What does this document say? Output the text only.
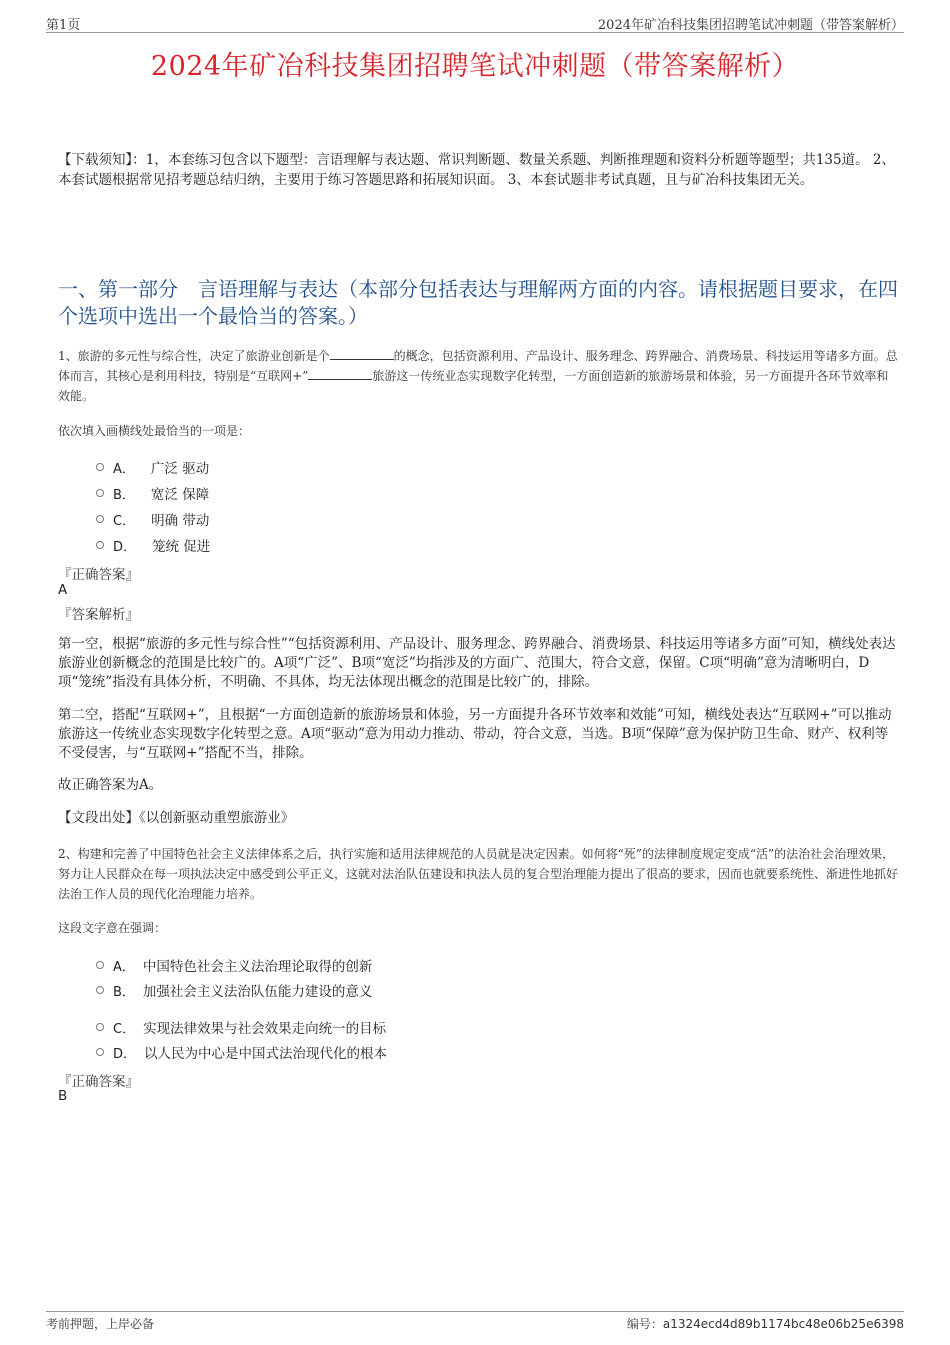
第1页	2024年矿冶科技集团招聘笔试冲刺题（带答案解析）
2024年矿冶科技集团招聘笔试冲刺题（带答案解析）
【下载须知】：1，本套练习包含以下题型：言语理解与表达题、常识判断题、数量关系题、判断推理题和资料分析题等题型；共135道。 2、本套试题根据常见招考题总结归纳，主要用于练习答题思路和拓展知识面。 3、本套试题非考试真题，且与矿冶科技集团无关。
一、第一部分　言语理解与表达（本部分包括表达与理解两方面的内容。请根据题目要求，在四个选项中选出一个最恰当的答案。）
1、旅游的多元性与综合性，决定了旅游业创新是个	的概念，包括资源利用、产品设计、服务理念、跨界融合、消费场景、科技运用等诸多方面。总体而言，其核心是利用科技，特别是“互联网+”	旅游这一传统业态实现数字化转型，一方面创造新的旅游场景和体验，另一方面提升各环节效率和效能。
依次填入画横线处最恰当的一项是：
A． 广泛 驱动
B． 宽泛 保障
C． 明确 带动
D． 笼统 促进
『正确答案』
A
『答案解析』
第一空，根据“旅游的多元性与综合性”“包括资源利用、产品设计、服务理念、跨界融合、消费场景、科技运用等诸多方面”可知，横线处表达旅游业创新概念的范围是比较广的。A项“广泛”、B项“宽泛”均指涉及的方面广、范围大，符合文意，保留。C项“明确”意为清晰明白，D项“笼统”指没有具体分析，不明确、不具体，均无法体现出概念的范围是比较广的，排除。
第二空，搭配“互联网+”，且根据“一方面创造新的旅游场景和体验，另一方面提升各环节效率和效能”可知，横线处表达“互联网+”可以推动旅游这一传统业态实现数字化转型之意。A项“驱动”意为用动力推动、带动，符合文意，当选。B项“保障”意为保护防卫生命、财产、权利等不受侵害，与“互联网+”搭配不当，排除。
故正确答案为A。
【文段出处】《以创新驱动重塑旅游业》
2、构建和完善了中国特色社会主义法律体系之后，执行实施和适用法律规范的人员就是决定因素。如何将“死”的法律制度规定变成“活”的法治社会治理效果，努力让人民群众在每一项执法决定中感受到公平正义，这就对法治队伍建设和执法人员的复合型治理能力提出了很高的要求，因而也就要系统性、渐进性地抓好法治工作人员的现代化治理能力培养。
这段文字意在强调：
A． 中国特色社会主义法治理论取得的创新
B． 加强社会主义法治队伍能力建设的意义
C． 实现法律效果与社会效果走向统一的目标
D． 以人民为中心是中国式法治现代化的根本
『正确答案』
B
考前押题，上岸必备	编号：a1324ecd4d89b1174bc48e06b25e6398
